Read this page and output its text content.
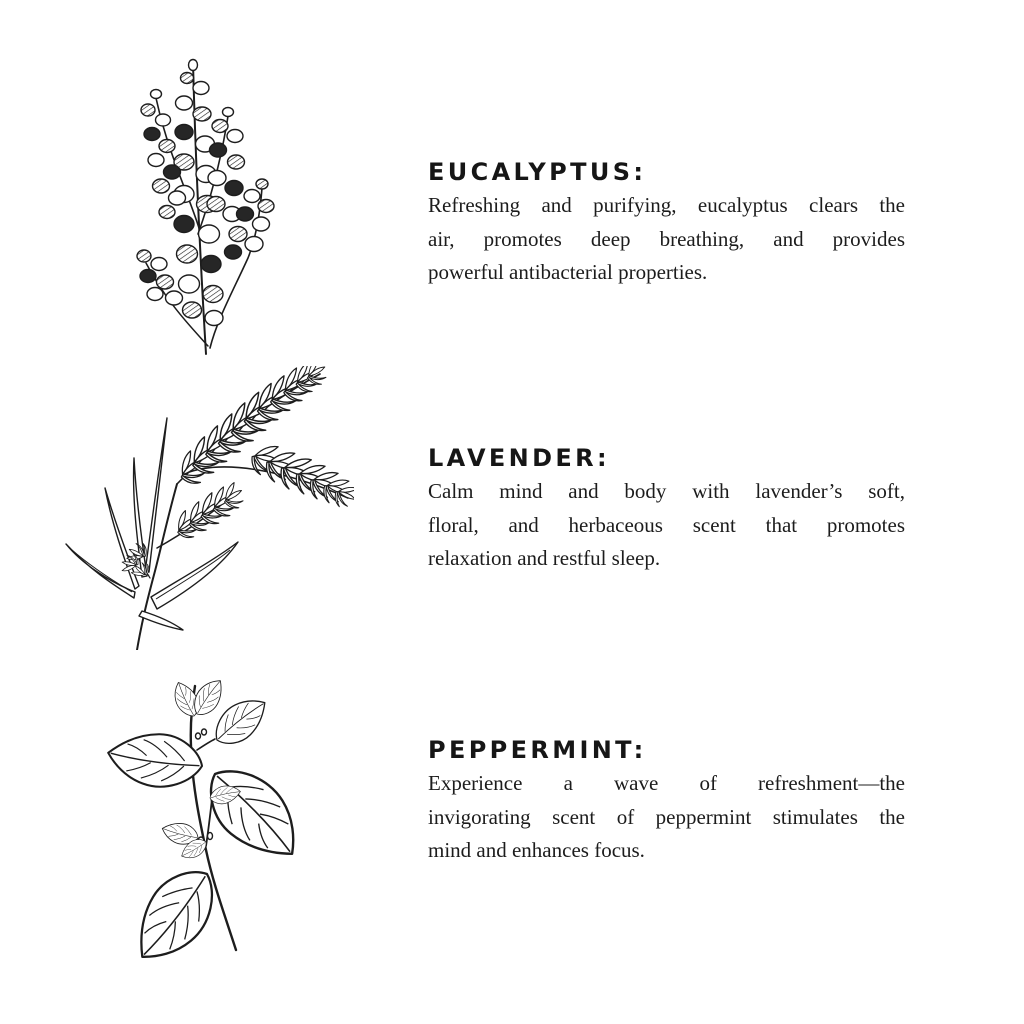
EUCALYPTUS:
Refreshing and purifying, eucalyptus clears the
air, promotes deep breathing, and provides
powerful antibacterial properties.
LAVENDER:
Calm mind and body with lavender’s soft,
floral, and herbaceous scent that promotes
relaxation and restful sleep.
PEPPERMINT:
Experience a wave of refreshment—the
invigorating scent of peppermint stimulates the
mind and enhances focus.
